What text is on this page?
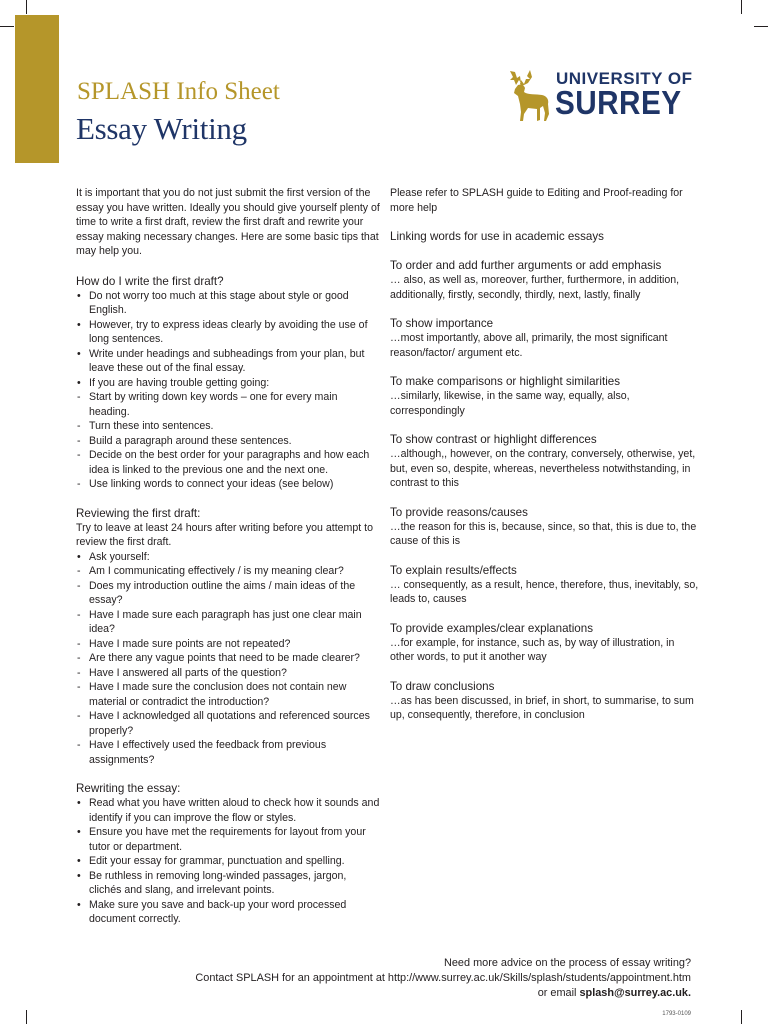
SPLASH Info Sheet
Essay Writing
UNIVERSITY OF
SURREY
It is important that you do not just submit the first version of the essay you have written. Ideally you should give yourself plenty of time to write a first draft, review the first draft and rewrite your essay making necessary changes. Here are some basic tips that may help you.
How do I write the first draft?
• Do not worry too much at this stage about style or good English.
• However, try to express ideas clearly by avoiding the use of long sentences.
• Write under headings and subheadings from your plan, but leave these out of the final essay.
• If you are having trouble getting going:
- Start by writing down key words – one for every main heading.
- Turn these into sentences.
- Build a paragraph around these sentences.
- Decide on the best order for your paragraphs and how each idea is linked to the previous one and the next one.
- Use linking words to connect your ideas (see below)
Reviewing the first draft:
Try to leave at least 24 hours after writing before you attempt to review the first draft.
• Ask yourself:
- Am I communicating effectively / is my meaning clear?
- Does my introduction outline the aims / main ideas of the essay?
- Have I made sure each paragraph has just one clear main idea?
- Have I made sure points are not repeated?
- Are there any vague points that need to be made clearer?
- Have I answered all parts of the question?
- Have I made sure the conclusion does not contain new material or contradict the introduction?
- Have I acknowledged all quotations and referenced sources properly?
- Have I effectively used the feedback from previous assignments?
Rewriting the essay:
• Read what you have written aloud to check how it sounds and identify if you can improve the flow or styles.
• Ensure you have met the requirements for layout from your tutor or department.
• Edit your essay for grammar, punctuation and spelling.
• Be ruthless in removing long-winded passages, jargon, clichés and slang, and irrelevant points.
• Make sure you save and back-up your word processed document correctly.
Please refer to SPLASH guide to Editing and Proof-reading for more help
Linking words for use in academic essays
To order and add further arguments or add emphasis
… also, as well as, moreover, further, furthermore, in addition, additionally, firstly, secondly, thirdly, next, lastly, finally
To show importance
…most importantly, above all, primarily, the most significant reason/factor/ argument etc.
To make comparisons or highlight similarities
…similarly, likewise, in the same way, equally, also, correspondingly
To show contrast or highlight differences
…although,, however, on the contrary, conversely, otherwise, yet, but, even so, despite, whereas, nevertheless notwithstanding, in contrast to this
To provide reasons/causes
…the reason for this is, because, since, so that, this is due to, the cause of this is
To explain results/effects
… consequently, as a result, hence, therefore, thus, inevitably, so, leads to, causes
To provide examples/clear explanations
…for example, for instance, such as, by way of illustration, in other words, to put it another way
To draw conclusions
…as has been discussed, in brief, in short, to summarise, to sum up, consequently, therefore, in conclusion
Need more advice on the process of essay writing?
Contact SPLASH for an appointment at http://www.surrey.ac.uk/Skills/splash/students/appointment.htm
or email splash@surrey.ac.uk.
1793-0109
